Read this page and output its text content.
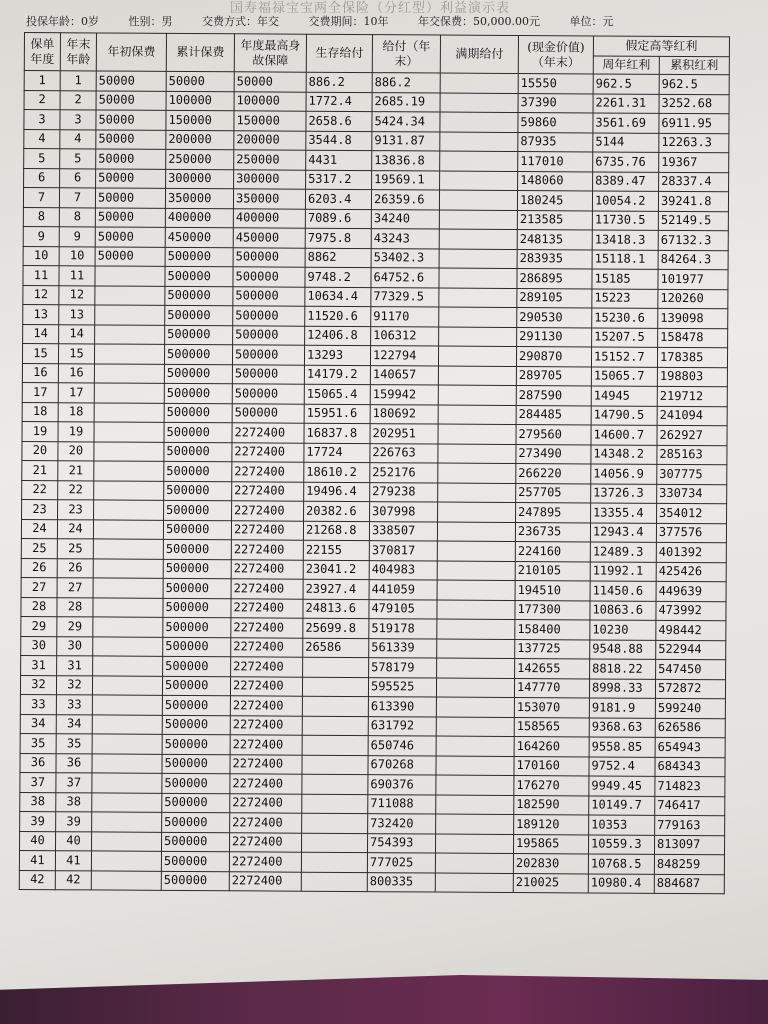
国寿福禄宝宝两全保险（分红型）利益演示表
投保年龄：0岁	性别：男	交费方式：年交	交费期间：10年	年交保费：50,000.00元	单位：元
保单年度	年末年龄	年初保费	累计保费	年度最高身故保障	生存给付	给付（年末）	满期给付	(现金价值)（年末）	假定高等红利	
									周年红利	累积红利
1	1	50000	50000	50000	886.2	886.2		15550	962.5	962.5
2	2	50000	100000	100000	1772.4	2685.19		37390	2261.31	3252.68
3	3	50000	150000	150000	2658.6	5424.34		59860	3561.69	6911.95
4	4	50000	200000	200000	3544.8	9131.87		87935	5144	12263.3
5	5	50000	250000	250000	4431	13836.8		117010	6735.76	19367
6	6	50000	300000	300000	5317.2	19569.1		148060	8389.47	28337.4
7	7	50000	350000	350000	6203.4	26359.6		180245	10054.2	39241.8
8	8	50000	400000	400000	7089.6	34240		213585	11730.5	52149.5
9	9	50000	450000	450000	7975.8	43243		248135	13418.3	67132.3
10	10	50000	500000	500000	8862	53402.3		283935	15118.1	84264.3
11	11		500000	500000	9748.2	64752.6		286895	15185	101977
12	12		500000	500000	10634.4	77329.5		289105	15223	120260
13	13		500000	500000	11520.6	91170		290530	15230.6	139098
14	14		500000	500000	12406.8	106312		291130	15207.5	158478
15	15		500000	500000	13293	122794		290870	15152.7	178385
16	16		500000	500000	14179.2	140657		289705	15065.7	198803
17	17		500000	500000	15065.4	159942		287590	14945	219712
18	18		500000	500000	15951.6	180692		284485	14790.5	241094
19	19		500000	2272400	16837.8	202951		279560	14600.7	262927
20	20		500000	2272400	17724	226763		273490	14348.2	285163
21	21		500000	2272400	18610.2	252176		266220	14056.9	307775
22	22		500000	2272400	19496.4	279238		257705	13726.3	330734
23	23		500000	2272400	20382.6	307998		247895	13355.4	354012
24	24		500000	2272400	21268.8	338507		236735	12943.4	377576
25	25		500000	2272400	22155	370817		224160	12489.3	401392
26	26		500000	2272400	23041.2	404983		210105	11992.1	425426
27	27		500000	2272400	23927.4	441059		194510	11450.6	449639
28	28		500000	2272400	24813.6	479105		177300	10863.6	473992
29	29		500000	2272400	25699.8	519178		158400	10230	498442
30	30		500000	2272400	26586	561339		137725	9548.88	522944
31	31		500000	2272400		578179		142655	8818.22	547450
32	32		500000	2272400		595525		147770	8998.33	572872
33	33		500000	2272400		613390		153070	9181.9	599240
34	34		500000	2272400		631792		158565	9368.63	626586
35	35		500000	2272400		650746		164260	9558.85	654943
36	36		500000	2272400		670268		170160	9752.4	684343
37	37		500000	2272400		690376		176270	9949.45	714823
38	38		500000	2272400		711088		182590	10149.7	746417
39	39		500000	2272400		732420		189120	10353	779163
40	40		500000	2272400		754393		195865	10559.3	813097
41	41		500000	2272400		777025		202830	10768.5	848259
42	42		500000	2272400		800335		210025	10980.4	884687
